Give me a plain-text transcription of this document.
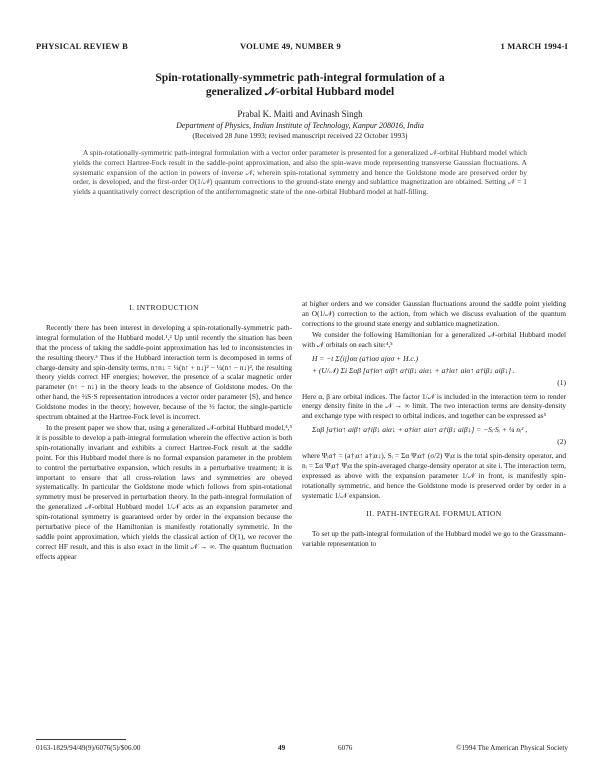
PHYSICAL REVIEW B	VOLUME 49, NUMBER 9	1 MARCH 1994-I
Spin-rotationally-symmetric path-integral formulation of a
generalized 𝒩-orbital Hubbard model
Prabal K. Maiti and Avinash Singh
Department of Physics, Indian Institute of Technology, Kanpur 208016, India
(Received 28 June 1993; revised manuscript received 22 October 1993)

A spin-rotationally-symmetric path-integral formulation with a vector order parameter is presented for a generalized 𝒩-orbital Hubbard model which yields the correct Hartree-Fock result in the saddle-point approximation, and also the spin-wave mode representing transverse Gaussian fluctuations. A systematic expansion of the action in powers of inverse 𝒩, wherein spin-rotational symmetry and hence the Goldstone mode are preserved order by order, is developed, and the first-order O(1/𝒩) quantum corrections to the ground-state energy and sublattice magnetization are obtained. Setting 𝒩 = 1 yields a quantitatively correct description of the antiferromagnetic state of the one-orbital Hubbard model at half-filling.

I. INTRODUCTION

Recently there has been interest in developing a spin-rotationally-symmetric path-integral formulation of the Hubbard model.¹,² Up until recently the situation has been that the process of taking the saddle-point approximation has led to inconsistencies in the resulting theory.³ Thus if the Hubbard interaction term is decomposed in terms of charge-density and spin-density terms, n↑n↓ = ¼(n↑ + n↓)² − ¼(n↑ − n↓)², the resulting theory yields correct HF energies; however, the presence of a scalar magnetic order parameter (n↑ − n↓) in the theory leads to the absence of Goldstone modes. On the other hand, the ⅔S·S representation introduces a vector order parameter ⟨S⟩, and hence Goldstone modes in the theory; however, because of the ⅔ factor, the single-particle spectrum obtained at the Hartree-Fock level is incorrect.

In the present paper we show that, using a generalized 𝒩-orbital Hubbard model,⁴,⁵ it is possible to develop a path-integral formulation wherein the effective action is both spin-rotationally invariant and exhibits a correct Hartree-Fock result at the saddle point. For this Hubbard model there is no formal expansion parameter in the problem to control the perturbative expansion, which results in a perturbative treatment; it is important to ensure that all cross-relation laws and symmetries are obeyed systematically. In particular the Goldstone mode which follows from spin-rotational symmetry must be preserved in perturbation theory. In the path-integral formulation of the generalized 𝒩-orbital Hubbard model 1/𝒩 acts as an expansion parameter and spin-rotational symmetry is guaranteed order by order in the expansion because the perturbative piece of the Hamiltonian is manifestly rotationally symmetric. In the saddle point approximation, which yields the classical action of O(1), we recover the correct HF result, and this is also exact in the limit 𝒩 → ∞. The quantum fluctuation effects appear

at higher orders and we consider Gaussian fluctuations around the saddle point yielding an O(1/𝒩) correction to the action, from which we discuss evaluation of the quantum corrections to the ground state energy and sublattice magnetization.

We consider the following Hamiltonian for a generalized 𝒩-orbital Hubbard model with 𝒩 orbitals on each site:⁴,⁵

H = −t Σ⟨ij⟩σα (a†iασ ajασ + H.c.)
+ (U/𝒩) Σi Σαβ [a†iα↑ aiβ↑ a†iβ↓ aiα↓ + a†iα↑ aiα↑ a†iβ↓ aiβ↓] .
(1)

Here α, β are orbital indices. The factor 1/𝒩 is included in the interaction term to render energy density finite in the 𝒩 → ∞ limit. The two interaction terms are density-density and exchange type with respect to orbital indices, and together can be expressed as⁵

Σαβ [a†iα↑ aiβ↑ a†iβ↓ aiα↓ + a†iα↑ aiα↑ a†iβ↓ aiβ↓] = −Sᵢ·Sᵢ + ¼ nᵢ² ,
(2)

where Ψᵢα† = (a†ᵢα↑ a†ᵢα↓), Sᵢ = Σα Ψᵢα† (σ/2) Ψᵢα is the total spin-density operator, and nᵢ = Σα Ψᵢα† Ψᵢα the spin-averaged charge-density operator at site i. The interaction term, expressed as above with the expansion parameter 1/𝒩 in front, is manifestly spin-rotationally symmetric, and hence the Goldstone mode is preserved order by order in a systematic 1/𝒩 expansion.

II. PATH-INTEGRAL FORMULATION

To set up the path-integral formulation of the Hubbard model we go to the Grassmann-variable representation to

0163-1829/94/49(9)/6076(5)/$06.00	49	6076	©1994 The American Physical Society
